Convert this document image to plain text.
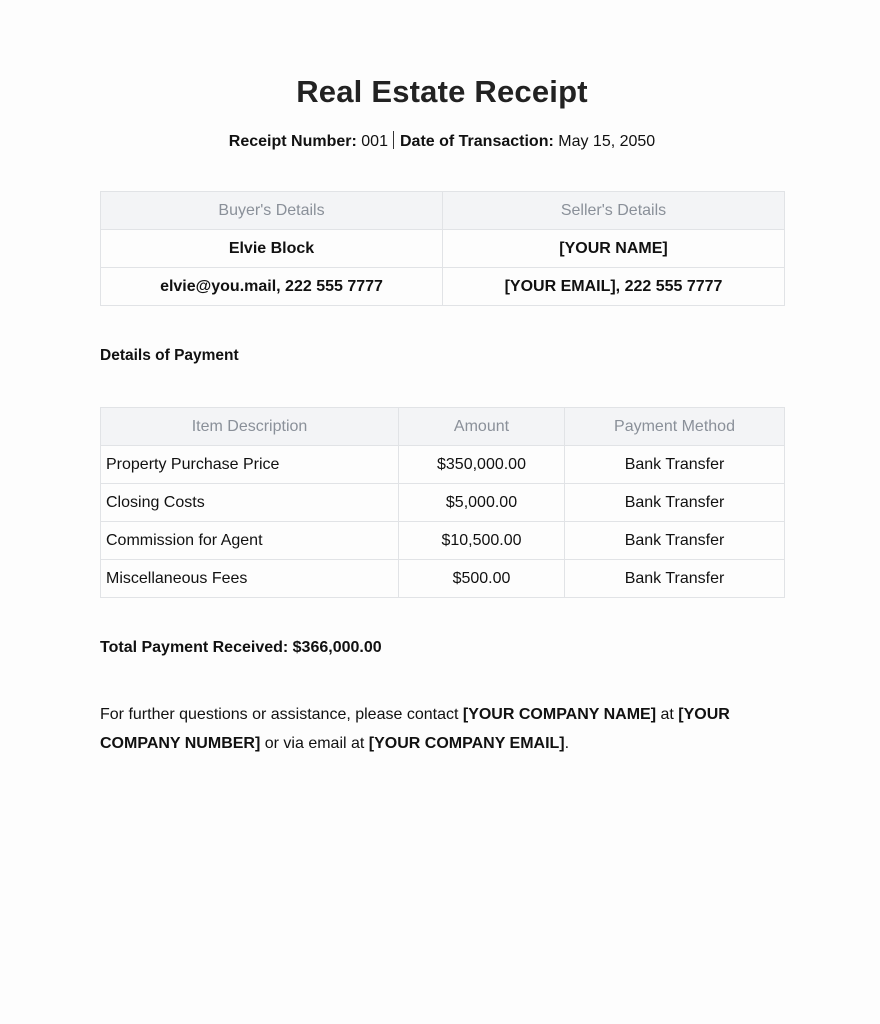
Real Estate Receipt
Receipt Number: 001 Date of Transaction: May 15, 2050
Buyer's Details	Seller's Details
Elvie Block	[YOUR NAME]
elvie@you.mail, 222 555 7777	[YOUR EMAIL], 222 555 7777
Details of Payment
Item Description	Amount	Payment Method
Property Purchase Price	$350,000.00	Bank Transfer
Closing Costs	$5,000.00	Bank Transfer
Commission for Agent	$10,500.00	Bank Transfer
Miscellaneous Fees	$500.00	Bank Transfer
Total Payment Received: $366,000.00
For further questions or assistance, please contact [YOUR COMPANY NAME] at [YOUR COMPANY NUMBER] or via email at [YOUR COMPANY EMAIL].
